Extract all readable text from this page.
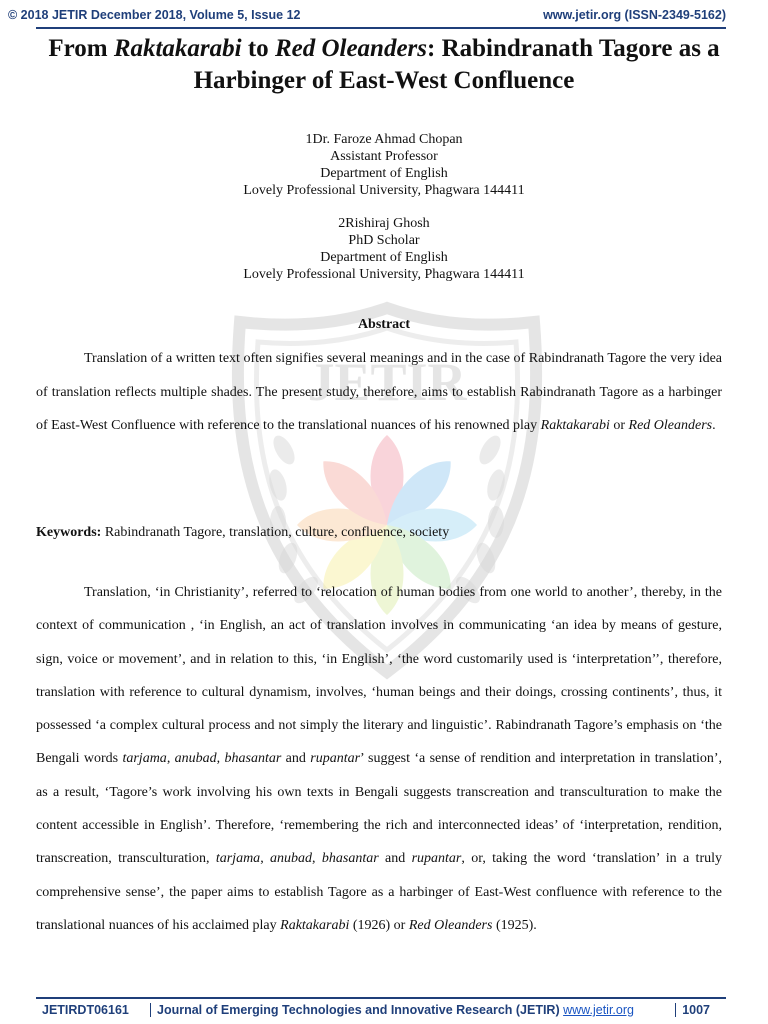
© 2018 JETIR December 2018, Volume 5, Issue 12	www.jetir.org (ISSN-2349-5162)
JETIR
From Raktakarabi to Red Oleanders: Rabindranath Tagore as a Harbinger of East-West Confluence
1Dr. Faroze Ahmad Chopan
Assistant Professor
Department of English
Lovely Professional University, Phagwara 144411
2Rishiraj Ghosh
PhD Scholar
Department of English
Lovely Professional University, Phagwara 144411
Abstract
Translation of a written text often signifies several meanings and in the case of Rabindranath Tagore the very idea of translation reflects multiple shades. The present study, therefore, aims to establish Rabindranath Tagore as a harbinger of East-West Confluence with reference to the translational nuances of his renowned play Raktakarabi or Red Oleanders.
Keywords: Rabindranath Tagore, translation, culture, confluence, society
Translation, ‘in Christianity’, referred to ‘relocation of human bodies from one world to another’, thereby, in the context of communication , ‘in English, an act of translation involves in communicating ‘an idea by means of gesture, sign, voice or movement’, and in relation to this, ‘in English’, ‘the word customarily used is ‘interpretation’’, therefore, translation with reference to cultural dynamism, involves, ‘human beings and their doings, crossing continents’, thus, it possessed ‘a complex cultural process and not simply the literary and linguistic’. Rabindranath Tagore’s emphasis on ‘the Bengali words tarjama, anubad, bhasantar and rupantar’ suggest ‘a sense of rendition and interpretation in translation’, as a result, ‘Tagore’s work involving his own texts in Bengali suggests transcreation and transculturation to make the content accessible in English’. Therefore, ‘remembering the rich and interconnected ideas’ of ‘interpretation, rendition, transcreation, transculturation, tarjama, anubad, bhasantar and rupantar, or, taking the word ‘translation’ in a truly comprehensive sense’, the paper aims to establish Tagore as a harbinger of East-West confluence with reference to the translational nuances of his acclaimed play Raktakarabi (1926) or Red Oleanders (1925).
JETIRDT06161	Journal of Emerging Technologies and Innovative Research (JETIR) www.jetir.org	1007
